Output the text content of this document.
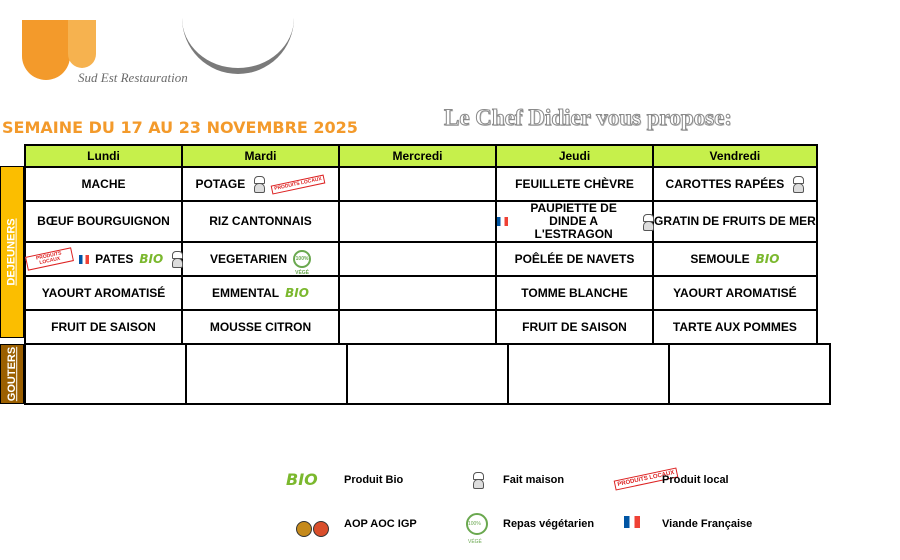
Sud Est Restauration
SEMAINE DU 17 AU 23 NOVEMBRE 2025	Le Chef Didier vous propose:
DEJEUNERS
GOUTERS
Lundi	Mardi	Mercredi	Jeudi	Vendredi

MACHE	POTAGE PRODUITS LOCAUX		FEUILLETE CHÈVRE	CAROTTES RAPÉES

BŒUF BOURGUIGNON	RIZ CANTONNAIS		PAUPIETTE DE DINDE A L'ESTRAGON	GRATIN DE FRUITS DE MER

PRODUITS LOCAUX PATES BIO	VEGETARIEN 100% VÉGÉ		POÊLÉE DE NAVETS	SEMOULE BIO

YAOURT AROMATISÉ	EMMENTAL BIO		TOMME BLANCHE	YAOURT AROMATISÉ

FRUIT DE SAISON	MOUSSE CITRON		FRUIT DE SAISON	TARTE AUX POMMES

BIO Produit Bio	Fait maison	PRODUITS LOCAUX
Produit local
AOP AOC IGP	100% VÉGÉ
Repas végétarien	Viande Française
